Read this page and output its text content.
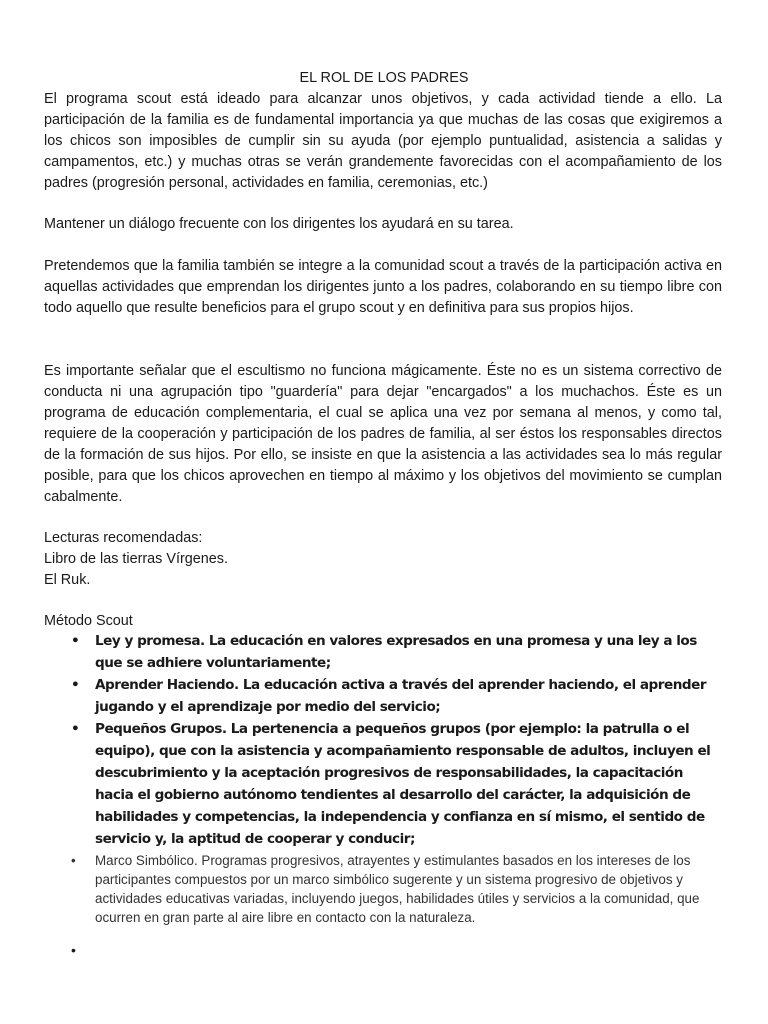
EL ROL DE LOS PADRES

El programa scout está ideado para alcanzar unos objetivos, y cada actividad tiende a ello. La participación de la familia es de fundamental importancia ya que muchas de las cosas que exigiremos a los chicos son imposibles de cumplir sin su ayuda (por ejemplo puntualidad, asistencia a salidas y campamentos, etc.) y muchas otras se verán grandemente favorecidas con el acompañamiento de los padres (progresión personal, actividades en familia, ceremonias, etc.)

Mantener un diálogo frecuente con los dirigentes los ayudará en su tarea.

Pretendemos que la familia también se integre a la comunidad scout a través de la participación activa en aquellas actividades que emprendan los dirigentes junto a los padres, colaborando en su tiempo libre con todo aquello que resulte beneficios para el grupo scout y en definitiva para sus propios hijos.

Es importante señalar que el escultismo no funciona mágicamente. Éste no es un sistema correctivo de conducta ni una agrupación tipo "guardería" para dejar "encargados" a los muchachos. Éste es un programa de educación complementaria, el cual se aplica una vez por semana al menos, y como tal, requiere de la cooperación y participación de los padres de familia, al ser éstos los responsables directos de la formación de sus hijos. Por ello, se insiste en que la asistencia a las actividades sea lo más regular posible, para que los chicos aprovechen en tiempo al máximo y los objetivos del movimiento se cumplan cabalmente.

Lecturas recomendadas:
Libro de las tierras Vírgenes.
El Ruk.
Método Scout
• Ley y promesa. La educación en valores expresados en una promesa y una ley a los que se adhiere voluntariamente;
• Aprender Haciendo. La educación activa a través del aprender haciendo, el aprender jugando y el aprendizaje por medio del servicio;
• Pequeños Grupos. La pertenencia a pequeños grupos (por ejemplo: la patrulla o el equipo), que con la asistencia y acompañamiento responsable de adultos, incluyen el descubrimiento y la aceptación progresivos de responsabilidades, la capacitación hacia el gobierno autónomo tendientes al desarrollo del carácter, la adquisición de habilidades y competencias, la independencia y confianza en sí mismo, el sentido de servicio y, la aptitud de cooperar y conducir;
• Marco Simbólico. Programas progresivos, atrayentes y estimulantes basados en los intereses de los participantes compuestos por un marco simbólico sugerente y un sistema progresivo de objetivos y actividades educativas variadas, incluyendo juegos, habilidades útiles y servicios a la comunidad, que ocurren en gran parte al aire libre en contacto con la naturaleza.
•
